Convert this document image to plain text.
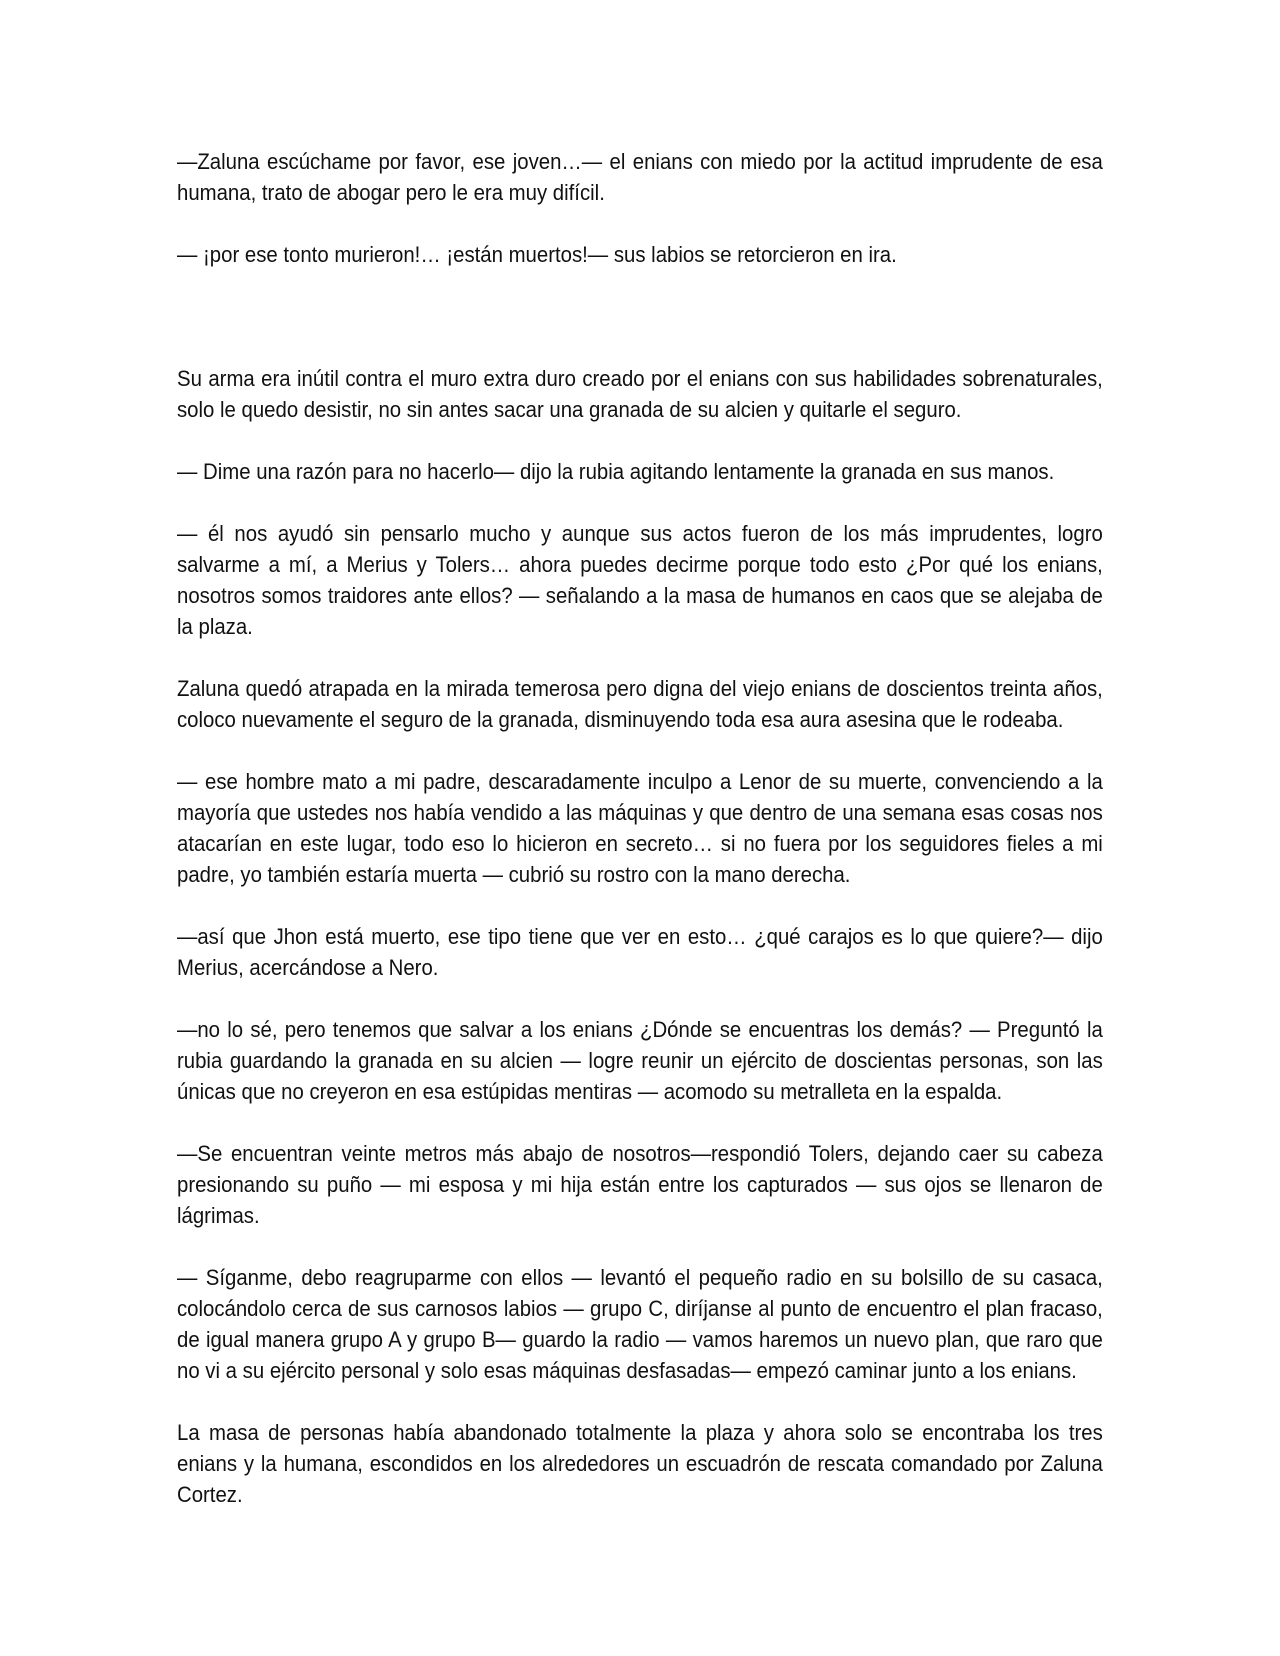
—Zaluna escúchame por favor, ese joven…— el enians con miedo por la actitud imprudente de esa humana, trato de abogar pero le era muy difícil.

— ¡por ese tonto murieron!… ¡están muertos!— sus labios se retorcieron en ira.

Su arma era inútil contra el muro extra duro creado por el enians con sus habilidades sobrenaturales, solo le quedo desistir, no sin antes sacar una granada de su alcien y quitarle el seguro.

— Dime una razón para no hacerlo— dijo la rubia agitando lentamente la granada en sus manos.

— él nos ayudó sin pensarlo mucho y aunque sus actos fueron de los más imprudentes, logro salvarme a mí, a Merius y Tolers… ahora puedes decirme porque todo esto ¿Por qué los enians, nosotros somos traidores ante ellos? — señalando a la masa de humanos en caos que se alejaba de la plaza.

Zaluna quedó atrapada en la mirada temerosa pero digna del viejo enians de doscientos treinta años, coloco nuevamente el seguro de la granada, disminuyendo toda esa aura asesina que le rodeaba.

— ese hombre mato a mi padre, descaradamente inculpo a Lenor de su muerte, convenciendo a la mayoría que ustedes nos había vendido a las máquinas y que dentro de una semana esas cosas nos atacarían en este lugar, todo eso lo hicieron en secreto… si no fuera por los seguidores fieles a mi padre, yo también estaría muerta — cubrió su rostro con la mano derecha.

—así que Jhon está muerto, ese tipo tiene que ver en esto… ¿qué carajos es lo que quiere?— dijo Merius, acercándose a Nero.

—no lo sé, pero tenemos que salvar a los enians ¿Dónde se encuentras los demás? — Preguntó la rubia guardando la granada en su alcien — logre reunir un ejército de doscientas personas, son las únicas que no creyeron en esa estúpidas mentiras — acomodo su metralleta en la espalda.

—Se encuentran veinte metros más abajo de nosotros—respondió Tolers, dejando caer su cabeza presionando su puño — mi esposa y mi hija están entre los capturados — sus ojos se llenaron de lágrimas.

— Síganme, debo reagruparme con ellos — levantó el pequeño radio en su bolsillo de su casaca, colocándolo cerca de sus carnosos labios — grupo C, diríjanse al punto de encuentro el plan fracaso, de igual manera grupo A y grupo B— guardo la radio — vamos haremos un nuevo plan, que raro que no vi a su ejército personal y solo esas máquinas desfasadas— empezó caminar junto a los enians.

La masa de personas había abandonado totalmente la plaza y ahora solo se encontraba los tres enians y la humana, escondidos en los alrededores un escuadrón de rescata comandado por Zaluna Cortez.
